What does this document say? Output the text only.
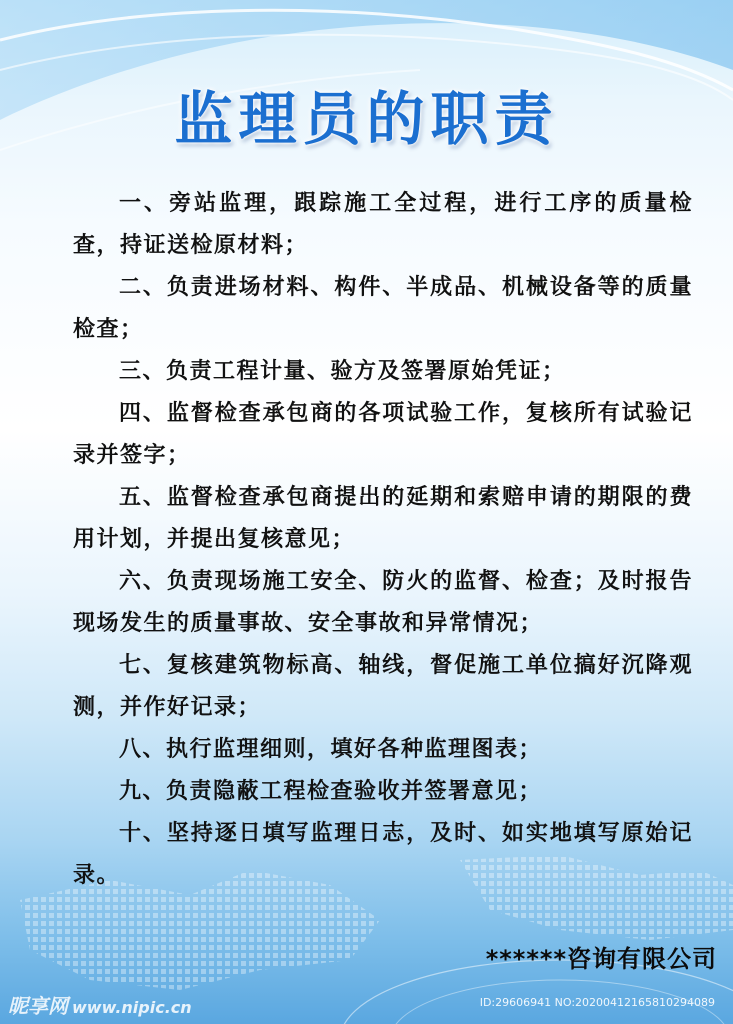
监理员的职责
一、旁站监理，跟踪施工全过程，进行工序的质量检查，持证送检原材料；
二、负责进场材料、构件、半成品、机械设备等的质量检查；
三、负责工程计量、验方及签署原始凭证；
四、监督检查承包商的各项试验工作，复核所有试验记录并签字；
五、监督检查承包商提出的延期和索赔申请的期限的费用计划，并提出复核意见；
六、负责现场施工安全、防火的监督、检查；及时报告现场发生的质量事故、安全事故和异常情况；
七、复核建筑物标高、轴线，督促施工单位搞好沉降观测，并作好记录；
八、执行监理细则，填好各种监理图表；
九、负责隐蔽工程检查验收并签署意见；
十、坚持逐日填写监理日志，及时、如实地填写原始记录。
******咨询有限公司
昵享网 www.nipic.cn	ID:29606941 NO:20200412165810294089
